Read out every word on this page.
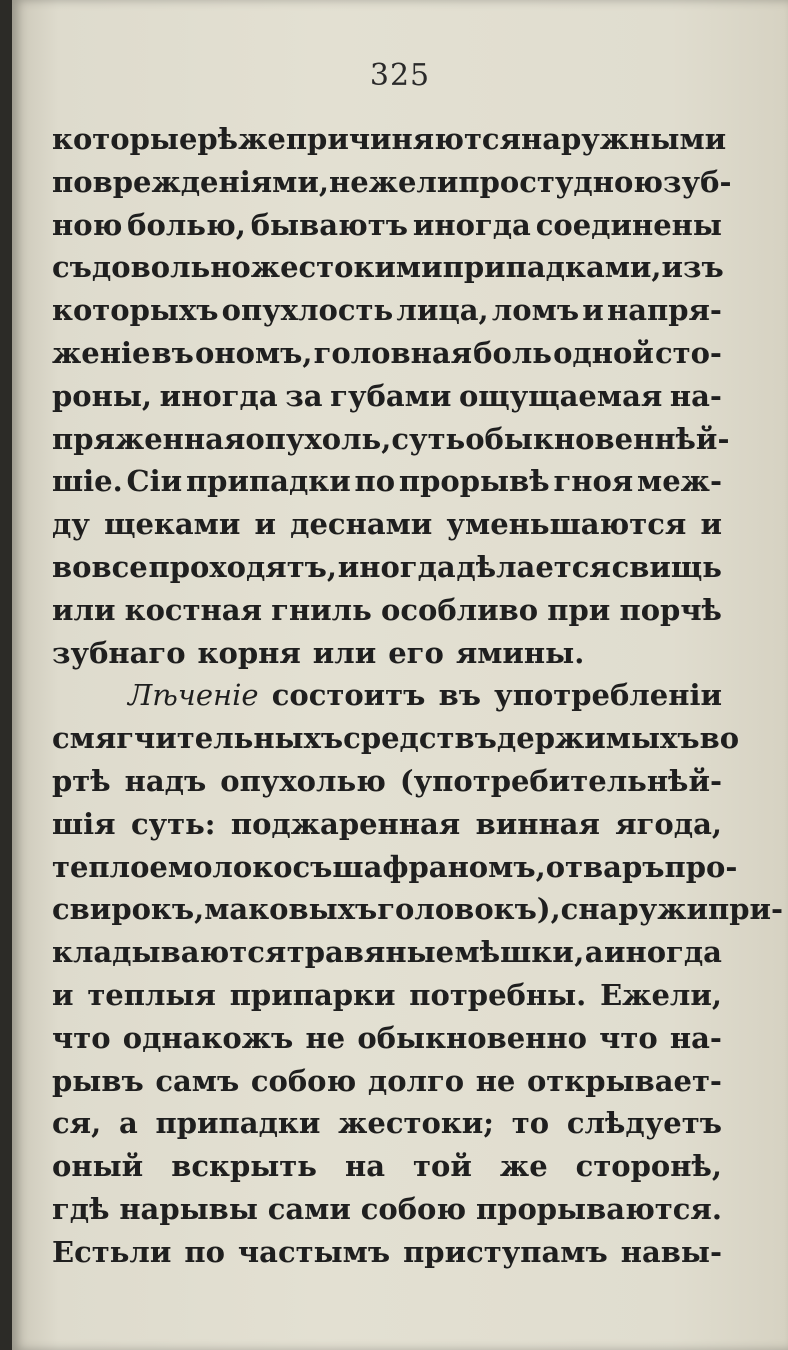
325
которые рѣже причиняются наружными
поврежденіями, нежели простудною зуб-
ною болью, бываютъ иногда соединены
съ довольно жестокими припадками, изъ
которыхъ опухлость лица, ломъ и напря-
женіе въ ономъ, головная боль одной сто-
роны, иногда за губами ощущаемая на-
пряженная опухоль, суть обыкновеннѣй-
шіе. Сіи припадки по прорывѣ гноя меж-
ду щеками и деснами уменьшаются и
вовсе проходятъ, иногда дѣлается свищь
или костная гниль особливо при порчѣ
зубнаго корня или его ямины.
Лѣченіе состоитъ въ употребленіи
смягчительныхъ средствъ держимыхъ во
ртѣ надъ опухолью (употребительнѣй-
шія суть: поджаренная винная ягода,
теплое молоко съ шафраномъ, отваръ про-
свирокъ, маковыхъ головокъ), снаружи при-
кладываются травяные мѣшки , а иногда
и теплыя припарки потребны. Ежели,
что однакожъ не обыкновенно что на-
рывъ самъ собою долго не открывает-
ся, а припадки жестоки; то слѣдуетъ
оный вскрыть на той же сторонѣ,
гдѣ нарывы сами собою прорываются.
Естьли по частымъ приступамъ навы-
